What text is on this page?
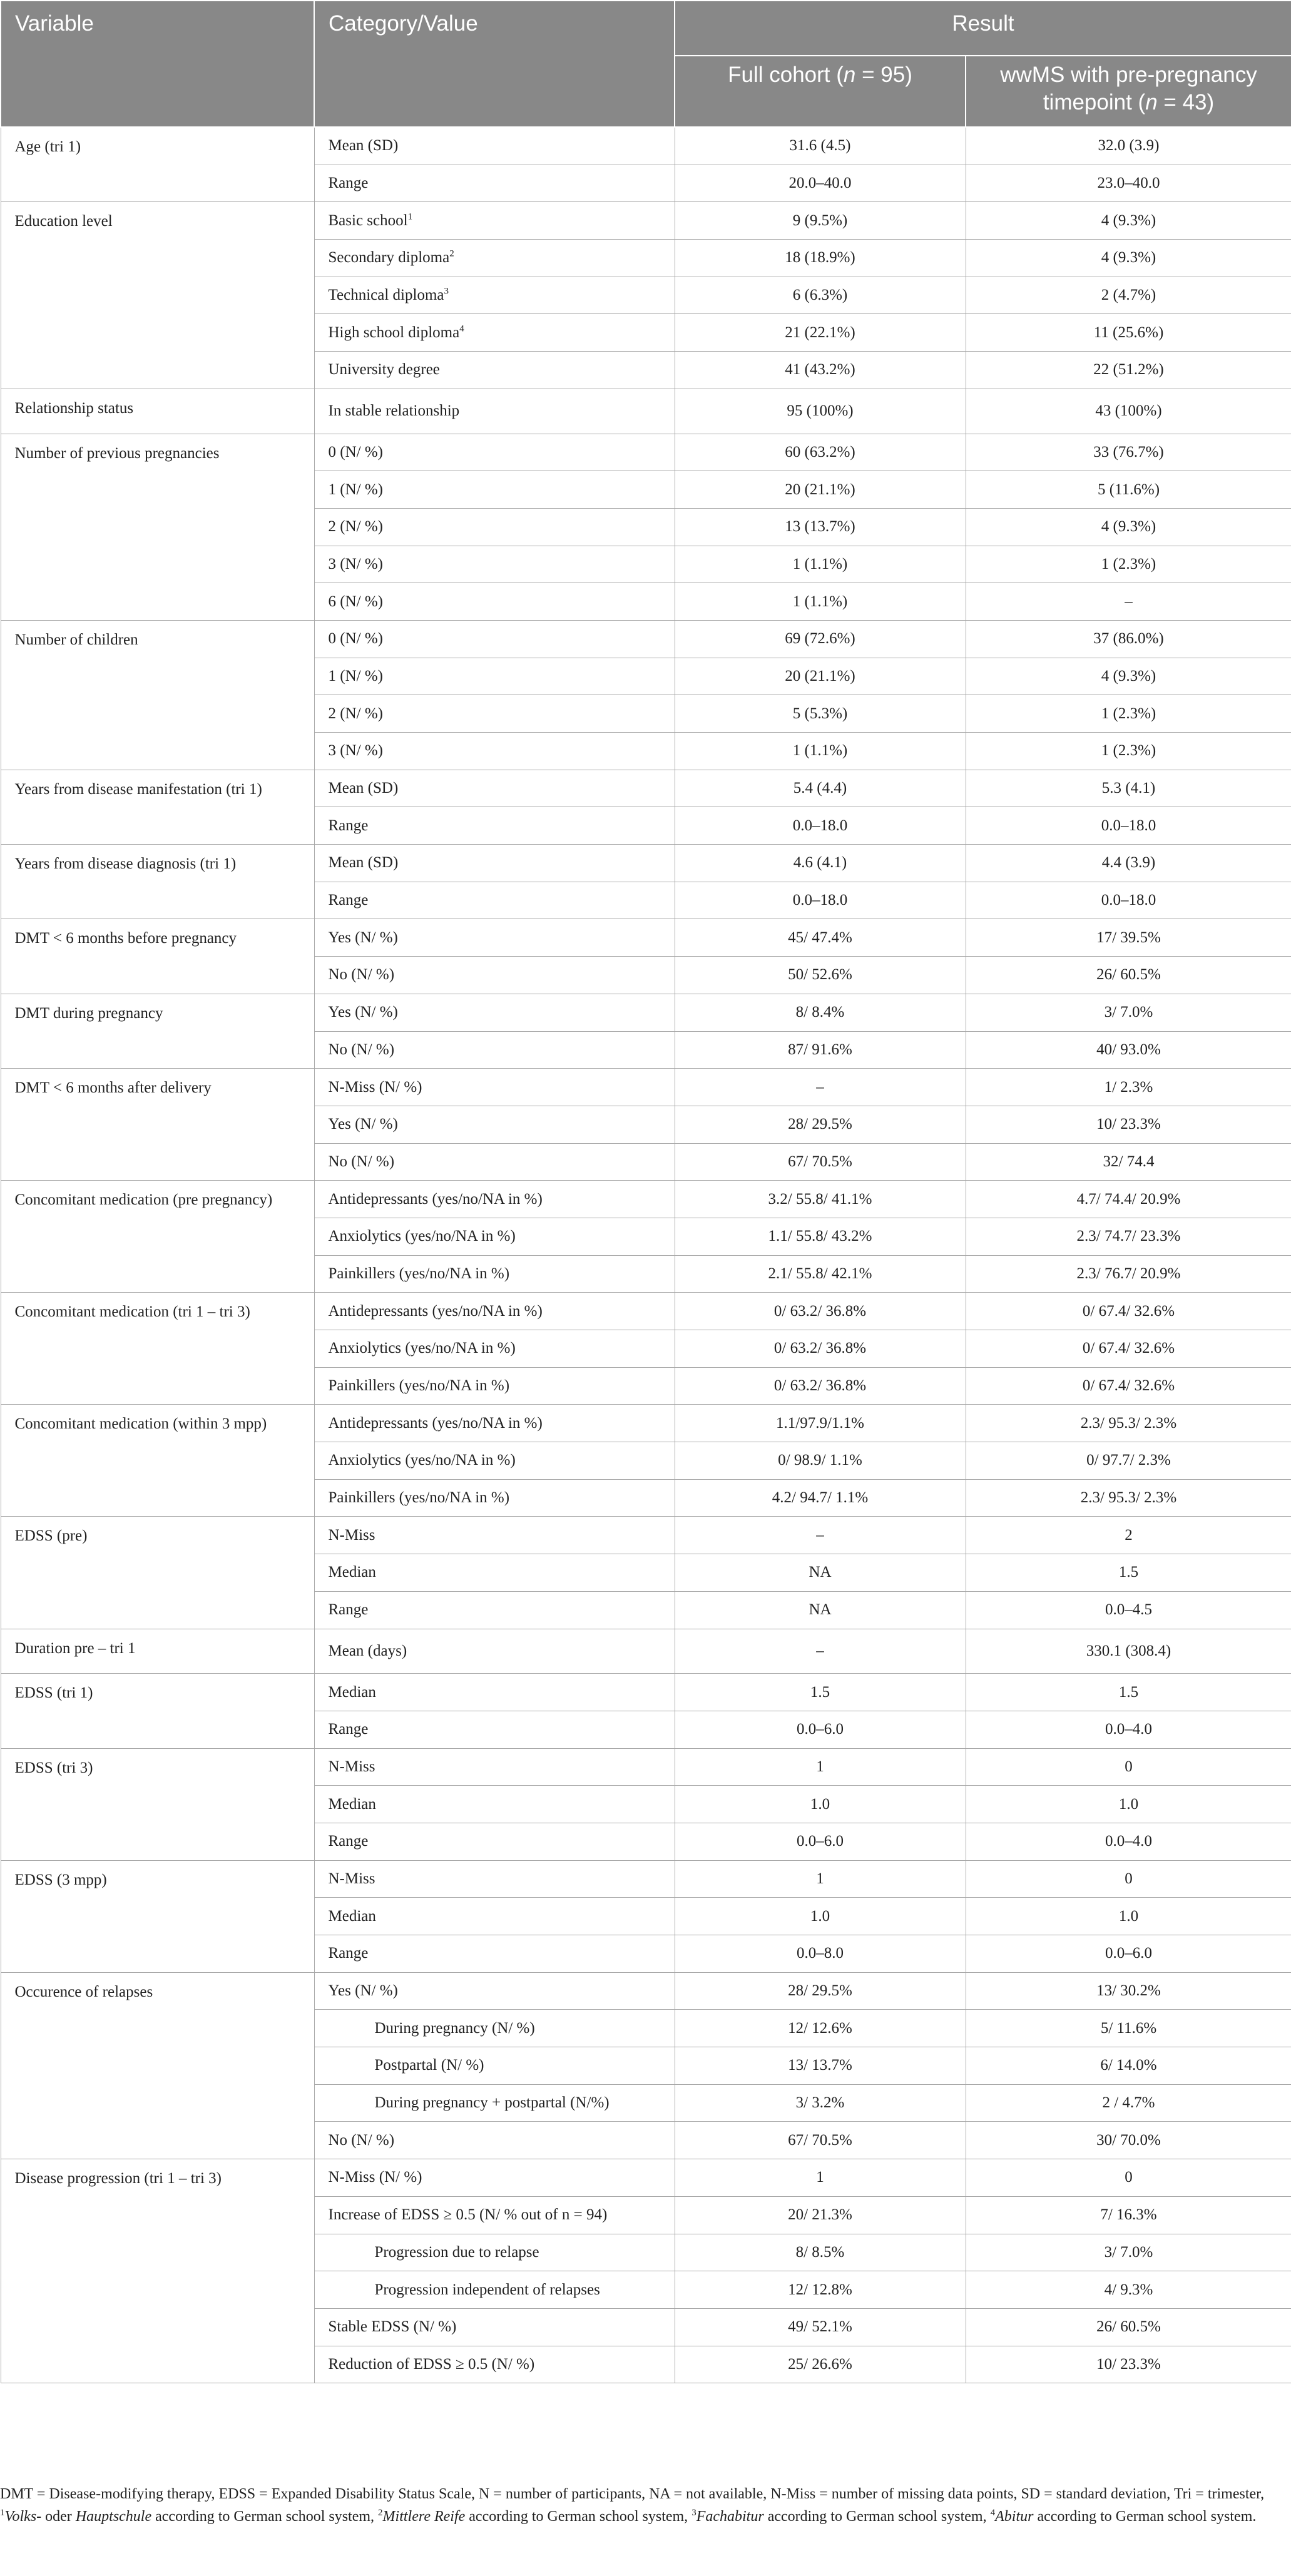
Variable	Category/Value	Result	
		Full cohort (n = 95)	wwMS with pre-pregnancy timepoint (n = 43)
Age (tri 1)	Mean (SD)	31.6 (4.5)	32.0 (3.9)
	Range	20.0–40.0	23.0–40.0
Education level	Basic school$^1$	9 (9.5%)	4 (9.3%)
	Secondary diploma$^2$	18 (18.9%)	4 (9.3%)
	Technical diploma$^3$	6 (6.3%)	2 (4.7%)
	High school diploma$^4$	21 (22.1%)	11 (25.6%)
	University degree	41 (43.2%)	22 (51.2%)
Relationship status	In stable relationship	95 (100%)	43 (100%)
Number of previous pregnancies	0 (N/ %)	60 (63.2%)	33 (76.7%)
	1 (N/ %)	20 (21.1%)	5 (11.6%)
	2 (N/ %)	13 (13.7%)	4 (9.3%)
	3 (N/ %)	1 (1.1%)	1 (2.3%)
	6 (N/ %)	1 (1.1%)	–
Number of children	0 (N/ %)	69 (72.6%)	37 (86.0%)
	1 (N/ %)	20 (21.1%)	4 (9.3%)
	2 (N/ %)	5 (5.3%)	1 (2.3%)
	3 (N/ %)	1 (1.1%)	1 (2.3%)
Years from disease manifestation (tri 1)	Mean (SD)	5.4 (4.4)	5.3 (4.1)
	Range	0.0–18.0	0.0–18.0
Years from disease diagnosis (tri 1)	Mean (SD)	4.6 (4.1)	4.4 (3.9)
	Range	0.0–18.0	0.0–18.0
DMT < 6 months before pregnancy	Yes (N/ %)	45/ 47.4%	17/ 39.5%
	No (N/ %)	50/ 52.6%	26/ 60.5%
DMT during pregnancy	Yes (N/ %)	8/ 8.4%	3/ 7.0%
	No (N/ %)	87/ 91.6%	40/ 93.0%
DMT < 6 months after delivery	N-Miss (N/ %)	–	1/ 2.3%
	Yes (N/ %)	28/ 29.5%	10/ 23.3%
	No (N/ %)	67/ 70.5%	32/ 74.4
Concomitant medication (pre pregnancy)	Antidepressants (yes/no/NA in %)	3.2/ 55.8/ 41.1%	4.7/ 74.4/ 20.9%
	Anxiolytics (yes/no/NA in %)	1.1/ 55.8/ 43.2%	2.3/ 74.7/ 23.3%
	Painkillers (yes/no/NA in %)	2.1/ 55.8/ 42.1%	2.3/ 76.7/ 20.9%
Concomitant medication (tri 1 – tri 3)	Antidepressants (yes/no/NA in %)	0/ 63.2/ 36.8%	0/ 67.4/ 32.6%
	Anxiolytics (yes/no/NA in %)	0/ 63.2/ 36.8%	0/ 67.4/ 32.6%
	Painkillers (yes/no/NA in %)	0/ 63.2/ 36.8%	0/ 67.4/ 32.6%
Concomitant medication (within 3 mpp)	Antidepressants (yes/no/NA in %)	1.1/97.9/1.1%	2.3/ 95.3/ 2.3%
	Anxiolytics (yes/no/NA in %)	0/ 98.9/ 1.1%	0/ 97.7/ 2.3%
	Painkillers (yes/no/NA in %)	4.2/ 94.7/ 1.1%	2.3/ 95.3/ 2.3%
EDSS (pre)	N-Miss	–	2
	Median	NA	1.5
	Range	NA	0.0–4.5
Duration pre – tri 1	Mean (days)	–	330.1 (308.4)
EDSS (tri 1)	Median	1.5	1.5
	Range	0.0–6.0	0.0–4.0
EDSS (tri 3)	N-Miss	1	0
	Median	1.0	1.0
	Range	0.0–6.0	0.0–4.0
EDSS (3 mpp)	N-Miss	1	0
	Median	1.0	1.0
	Range	0.0–8.0	0.0–6.0
Occurence of relapses	Yes (N/ %)	28/ 29.5%	13/ 30.2%
	During pregnancy (N/ %)	12/ 12.6%	5/ 11.6%
	Postpartal (N/ %)	13/ 13.7%	6/ 14.0%
	During pregnancy + postpartal (N/%)	3/ 3.2%	2 / 4.7%
	No (N/ %)	67/ 70.5%	30/ 70.0%
Disease progression (tri 1 – tri 3)	N-Miss (N/ %)	1	0
	Increase of EDSS ≥ 0.5 (N/ % out of n = 94)	20/ 21.3%	7/ 16.3%
	Progression due to relapse	8/ 8.5%	3/ 7.0%
	Progression independent of relapses	12/ 12.8%	4/ 9.3%
	Stable EDSS (N/ %)	49/ 52.1%	26/ 60.5%
	Reduction of EDSS ≥ 0.5 (N/ %)	25/ 26.6%	10/ 23.3%

DMT = Disease-modifying therapy, EDSS = Expanded Disability Status Scale, N = number of participants, NA = not available, N-Miss = number of missing data points, SD = standard deviation, Tri = trimester, $^1$Volks- oder Hauptschule according to German school system, $^2$Mittlere Reife according to German school system, $^3$Fachabitur according to German school system, $^4$Abitur according to German school system.
